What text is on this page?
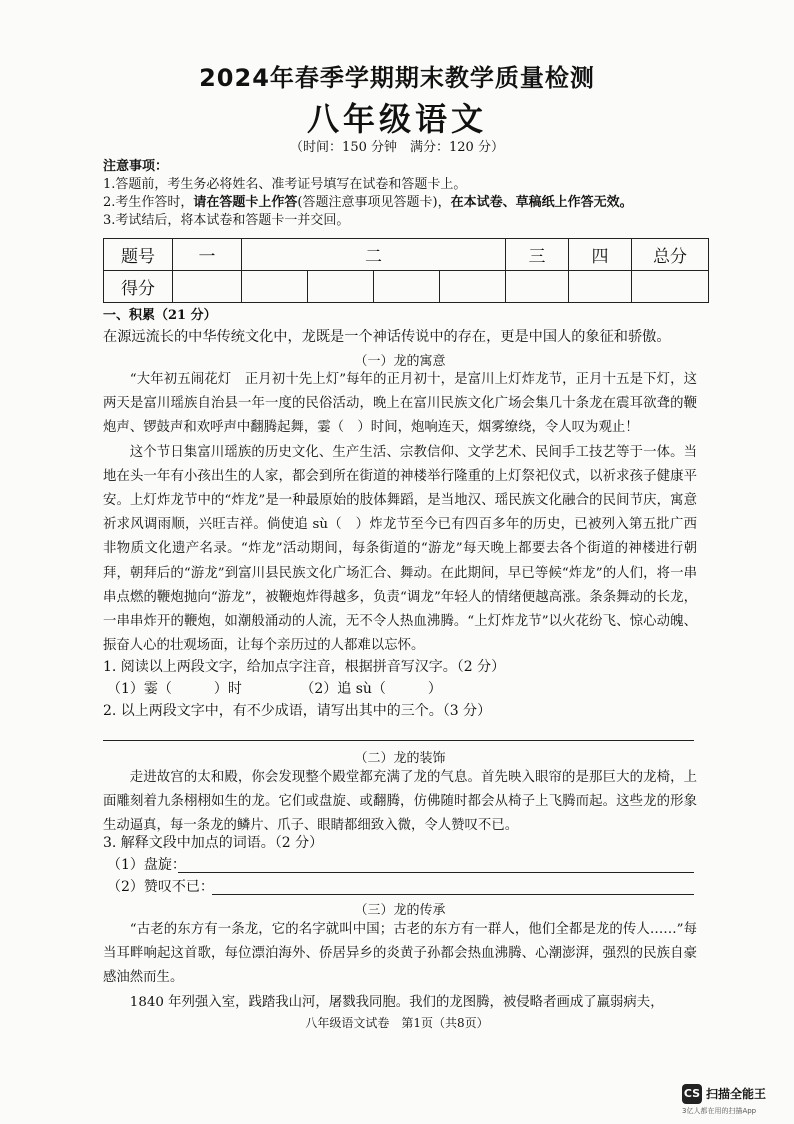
2024年春季学期期末教学质量检测
八年级语文
（时间：150 分钟　满分：120 分）
注意事项：
1.答题前，考生务必将姓名、准考证号填写在试卷和答题卡上。
2.考生作答时，请在答题卡上作答(答题注意事项见答题卡)，在本试卷、草稿纸上作答无效。
3.考试结后，将本试卷和答题卡一并交回。
题号	一	二				三	四	总分
得分								
一、积累（21 分）
在源远流长的中华传统文化中，龙既是一个神话传说中的存在，更是中国人的象征和骄傲。
（一）龙的寓意

“大年初五闹花灯　正月初十先上灯”每年的正月初十，是富川上灯炸龙节，正月十五是下灯，这两天是富川瑶族自治县一年一度的民俗活动，晚上在富川民族文化广场会集几十条龙在震耳欲聋的鞭炮声、锣鼓声和欢呼声中翻腾起舞，霎（　）时间，炮响连天，烟雾缭绕，令人叹为观止！

这个节日集富川瑶族的历史文化、生产生活、宗教信仰、文学艺术、民间手工技艺等于一体。当地在头一年有小孩出生的人家，都会到所在街道的神楼举行隆重的上灯祭祀仪式，以祈求孩子健康平安。上灯炸龙节中的“炸龙”是一种最原始的肢体舞蹈，是当地汉、瑶民族文化融合的民间节庆，寓意祈求风调雨顺，兴旺吉祥。倘使追 sù（　）炸龙节至今已有四百多年的历史，已被列入第五批广西非物质文化遗产名录。“炸龙”活动期间，每条街道的“游龙”每天晚上都要去各个街道的神楼进行朝拜，朝拜后的“游龙”到富川县民族文化广场汇合、舞动。在此期间，早已等候“炸龙”的人们，将一串串点燃的鞭炮抛向“游龙”，被鞭炮炸得越多，负责“调龙”年轻人的情绪便越高涨。条条舞动的长龙，一串串炸开的鞭炮，如潮般涌动的人流，无不令人热血沸腾。“上灯炸龙节”以火花纷飞、惊心动魄、振奋人心的壮观场面，让每个亲历过的人都难以忘怀。

1. 阅读以上两段文字，给加点字注音，根据拼音写汉字。（2 分）
（1）霎（　　　）时	（2）追 sù（　　　）
2. 以上两段文字中，有不少成语，请写出其中的三个。（3 分）
（二）龙的装饰

走进故宫的太和殿，你会发现整个殿堂都充满了龙的气息。首先映入眼帘的是那巨大的龙椅，上面雕刻着九条栩栩如生的龙。它们或盘旋、或翻腾，仿佛随时都会从椅子上飞腾而起。这些龙的形象生动逼真，每一条龙的鳞片、爪子、眼睛都细致入微，令人赞叹不已。

3. 解释文段中加点的词语。（2 分）
（1）盘旋：
（2）赞叹不已：
（三）龙的传承

“古老的东方有一条龙，它的名字就叫中国；古老的东方有一群人，他们全都是龙的传人……”每当耳畔响起这首歌，每位漂泊海外、侨居异乡的炎黄子孙都会热血沸腾、心潮澎湃，强烈的民族自豪感油然而生。

1840 年列强入室，践踏我山河，屠戮我同胞。我们的龙图腾，被侵略者画成了羸弱病夫，

八年级语文试卷　第1页（共8页）
CS 扫描全能王
3亿人都在用的扫描App
